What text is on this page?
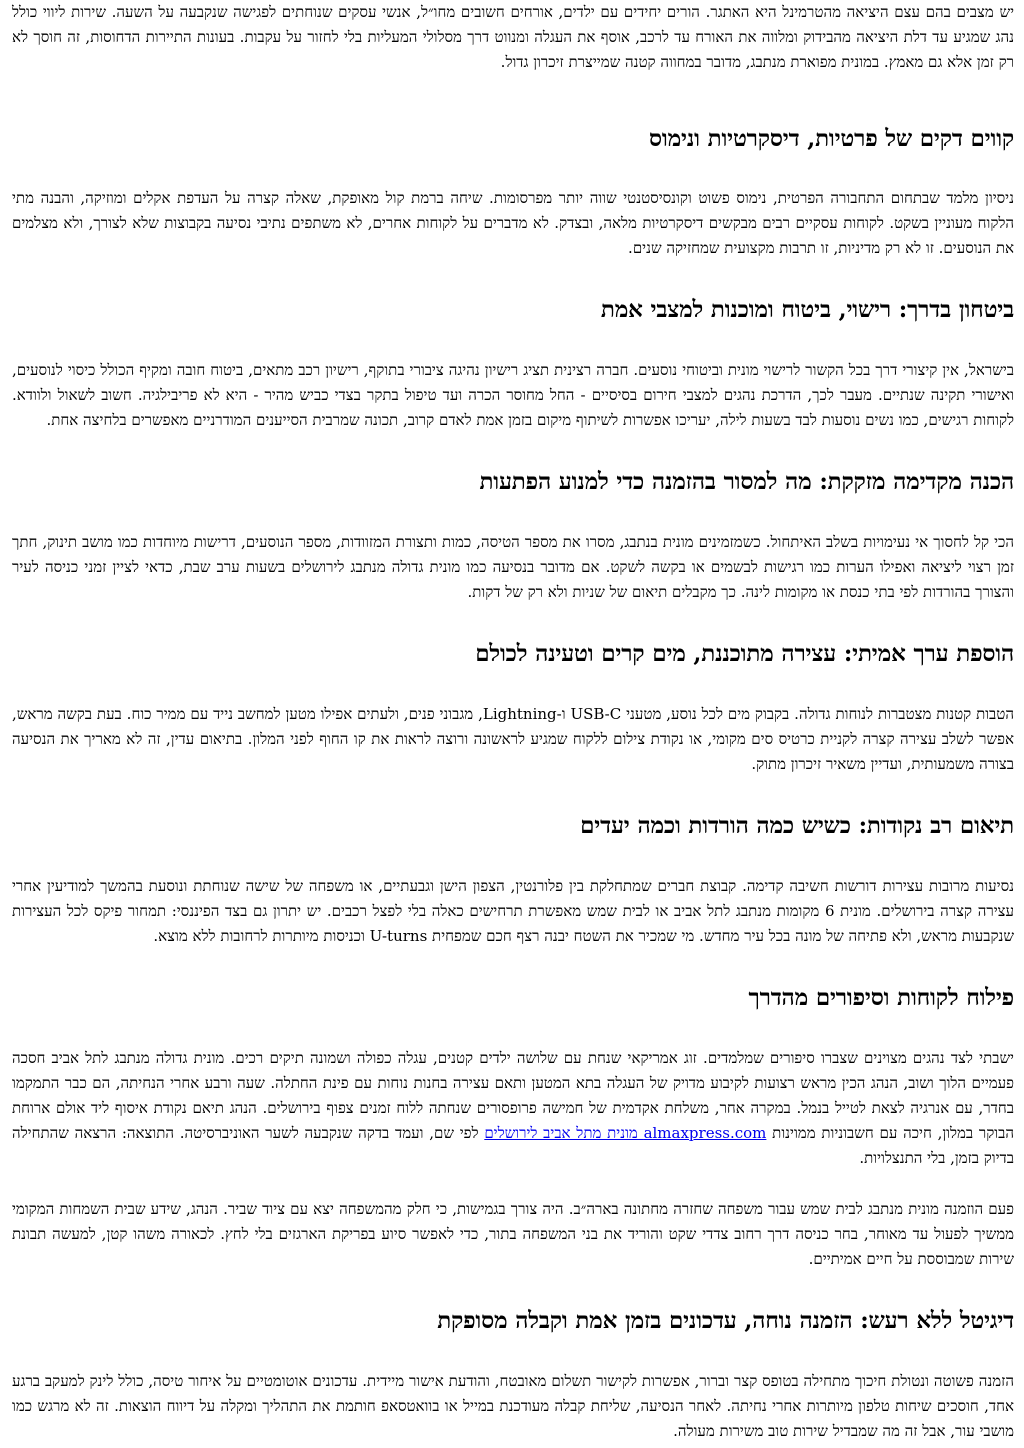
יש מצבים בהם עצם היציאה מהטרמינל היא האתגר. הורים יחידים עם ילדים, אורחים חשובים מחו״ל, אנשי עסקים שנוחתים לפגישה שנקבעה על השעה. שירות ליווי כולל נהג שמגיע עד דלת היציאה מהבידוק ומלווה את האורח עד לרכב, אוסף את העגלה ומנווט דרך מסלולי המעליות בלי לחזור על עקבות. בעונות התיירות הדחוסות, זה חוסך לא רק זמן אלא גם מאמץ. במונית מפוארת מנתבג, מדובר במחווה קטנה שמייצרת זיכרון גדול.

קווים דקים של פרטיות, דיסקרטיות ונימוס

ניסיון מלמד שבתחום התחבורה הפרטית, נימוס פשוט וקונסיסטנטי שווה יותר מפרסומות. שיחה ברמת קול מאופקת, שאלה קצרה על העדפת אקלים ומוזיקה, והבנה מתי הלקוח מעוניין בשקט. לקוחות עסקיים רבים מבקשים דיסקרטיות מלאה, ובצדק. לא מדברים על לקוחות אחרים, לא משתפים נתיבי נסיעה בקבוצות שלא לצורך, ולא מצלמים את הנוסעים. זו לא רק מדיניות, זו תרבות מקצועית שמחזיקה שנים.

ביטחון בדרך: רישוי, ביטוח ומוכנות למצבי אמת

בישראל, אין קיצורי דרך בכל הקשור לרישוי מונית וביטוחי נוסעים. חברה רצינית תציג רישיון נהיגה ציבורי בתוקף, רישיון רכב מתאים, ביטוח חובה ומקיף הכולל כיסוי לנוסעים, ואישורי תקינה שנתיים. מעבר לכך, הדרכת נהגים למצבי חירום בסיסיים - החל מחוסר הכרה ועד טיפול בתקר בצדי כביש מהיר - היא לא פריבילגיה. חשוב לשאול ולוודא. לקוחות רגישים, כמו נשים נוסעות לבד בשעות לילה, יעריכו אפשרות לשיתוף מיקום בזמן אמת לאדם קרוב, תכונה שמרבית הסייענים המודרניים מאפשרים בלחיצה אחת.

הכנה מקדימה מזקקת: מה למסור בהזמנה כדי למנוע הפתעות

הכי קל לחסוך אי נעימויות בשלב האיתחול. כשמזמינים מונית בנתבג, מסרו את מספר הטיסה, כמות ותצורת המזוודות, מספר הנוסעים, דרישות מיוחדות כמו מושב תינוק, חתך זמן רצוי ליציאה ואפילו הערות כמו רגישות לבשמים או בקשה לשקט. אם מדובר בנסיעה כמו מונית גדולה מנתבג לירושלים בשעות ערב שבת, כדאי לציין זמני כניסה לעיר והצורך בהורדות לפי בתי כנסת או מקומות לינה. כך מקבלים תיאום של שניות ולא רק של דקות.

הוספת ערך אמיתי: עצירה מתוכננת, מים קרים וטעינה לכולם

הטבות קטנות מצטברות לנוחות גדולה. בקבוק מים לכל נוסע, מטעני USB-C ו-Lightning, מגבוני פנים, ולעתים אפילו מטען למחשב נייד עם ממיר כוח. בעת בקשה מראש, אפשר לשלב עצירה קצרה לקניית כרטיס סים מקומי, או נקודת צילום ללקוח שמגיע לראשונה ורוצה לראות את קו החוף לפני המלון. בתיאום עדין, זה לא מאריך את הנסיעה בצורה משמעותית, ועדיין משאיר זיכרון מתוק.

תיאום רב נקודות: כשיש כמה הורדות וכמה יעדים

נסיעות מרובות עצירות דורשות חשיבה קדימה. קבוצת חברים שמתחלקת בין פלורנטין, הצפון הישן וגבעתיים, או משפחה של שישה שנוחתת ונוסעת בהמשך למודיעין אחרי עצירה קצרה בירושלים. מונית 6 מקומות מנתבג לתל אביב או לבית שמש מאפשרת תרחישים כאלה בלי לפצל רכבים. יש יתרון גם בצד הפיננסי: תמחור פיקס לכל העצירות שנקבעות מראש, ולא פתיחה של מונה בכל עיר מחדש. מי שמכיר את השטח יבנה רצף חכם שמפחית U-turns וכניסות מיותרות לרחובות ללא מוצא.

פילוח לקוחות וסיפורים מהדרך

ישבתי לצד נהגים מצוינים שצברו סיפורים שמלמדים. זוג אמריקאי שנחת עם שלושה ילדים קטנים, עגלה כפולה ושמונה תיקים רכים. מונית גדולה מנתבג לתל אביב חסכה פעמיים הלוך ושוב, הנהג הכין מראש רצועות לקיבוע מדויק של העגלה בתא המטען ותאם עצירה בחנות נוחות עם פינת החתלה. שעה ורבע אחרי הנחיתה, הם כבר התמקמו בחדר, עם אנרגיה לצאת לטייל בנמל. במקרה אחר, משלחת אקדמית של חמישה פרופסורים שנחתה ללוח זמנים צפוף בירושלים. הנהג תיאם נקודת איסוף ליד אולם ארוחת הבוקר במלון, חיכה עם חשבוניות ממוינות almaxpress.com מונית מתל אביב לירושלים לפי שם, ועמד בדקה שנקבעה לשער האוניברסיטה. התוצאה: הרצאה שהתחילה בדיוק בזמן, בלי התנצלויות.

פעם הוזמנה מונית מנתבג לבית שמש עבור משפחה שחזרה מחתונה בארה״ב. היה צורך בגמישות, כי חלק מהמשפחה יצא עם ציוד שביר. הנהג, שידע שבית השמחות המקומי ממשיך לפעול עד מאוחר, בחר כניסה דרך רחוב צדדי שקט והוריד את בני המשפחה בתור, כדי לאפשר סיוע בפריקת הארגזים בלי לחץ. לכאורה משהו קטן, למעשה תבונת שירות שמבוססת על חיים אמיתיים.

דיגיטל ללא רעש: הזמנה נוחה, עדכונים בזמן אמת וקבלה מסופקת

הזמנה פשוטה ונטולת חיכוך מתחילה בטופס קצר וברור, אפשרות לקישור תשלום מאובטח, והודעת אישור מיידית. עדכונים אוטומטיים על איחור טיסה, כולל לינק למעקב ברגע אחד, חוסכים שיחות טלפון מיותרות אחרי נחיתה. לאחר הנסיעה, שליחת קבלה מעודכנת במייל או בוואטסאפ חותמת את התהליך ומקלה על דיווח הוצאות. זה לא מרגש כמו מושבי עור, אבל זה מה שמבדיל שירות טוב משירות מעולה.
